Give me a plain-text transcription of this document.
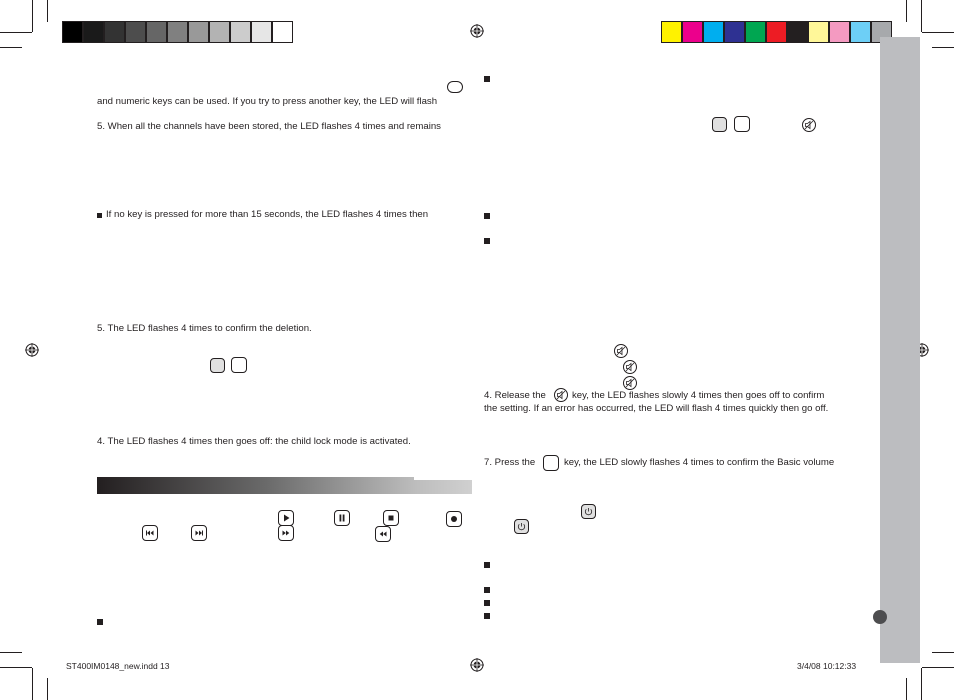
and numeric keys can be used. If you try to press another key, the LED will flash
5. When all the channels have been stored, the LED flashes 4 times and remains
If no key is pressed for more than 15 seconds, the LED flashes 4 times then
5. The LED flashes 4 times to confirm the deletion.
4. The LED flashes 4 times then goes off: the child lock mode is activated.
4. Release the	key, the LED flashes slowly 4 times then goes off to confirm
the setting. If an error has occurred, the LED will flash 4 times quickly then go off.
7. Press the	key, the LED slowly flashes 4 times to confirm the Basic volume
ST400IM0148_new.indd 13	3/4/08 10:12:33
